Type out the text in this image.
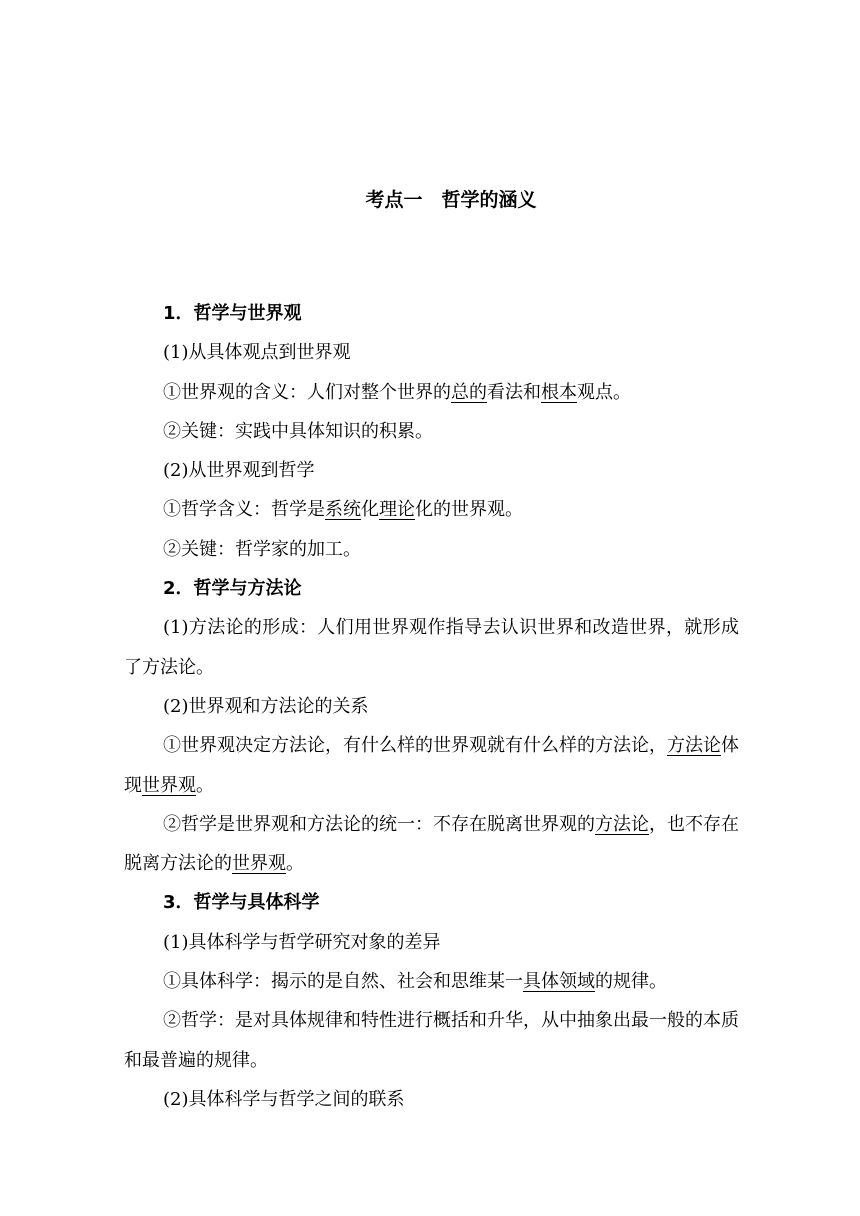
考点一　哲学的涵义

1．哲学与世界观

(1)从具体观点到世界观

①世界观的含义：人们对整个世界的总的看法和根本观点。

②关键：实践中具体知识的积累。

(2)从世界观到哲学

①哲学含义：哲学是系统化理论化的世界观。

②关键：哲学家的加工。

2．哲学与方法论

(1)方法论的形成：人们用世界观作指导去认识世界和改造世界，就形成了方法论。

(2)世界观和方法论的关系

①世界观决定方法论，有什么样的世界观就有什么样的方法论，方法论体现世界观。

②哲学是世界观和方法论的统一：不存在脱离世界观的方法论，也不存在脱离方法论的世界观。

3．哲学与具体科学

(1)具体科学与哲学研究对象的差异

①具体科学：揭示的是自然、社会和思维某一具体领域的规律。

②哲学：是对具体规律和特性进行概括和升华，从中抽象出最一般的本质和最普遍的规律。

(2)具体科学与哲学之间的联系
